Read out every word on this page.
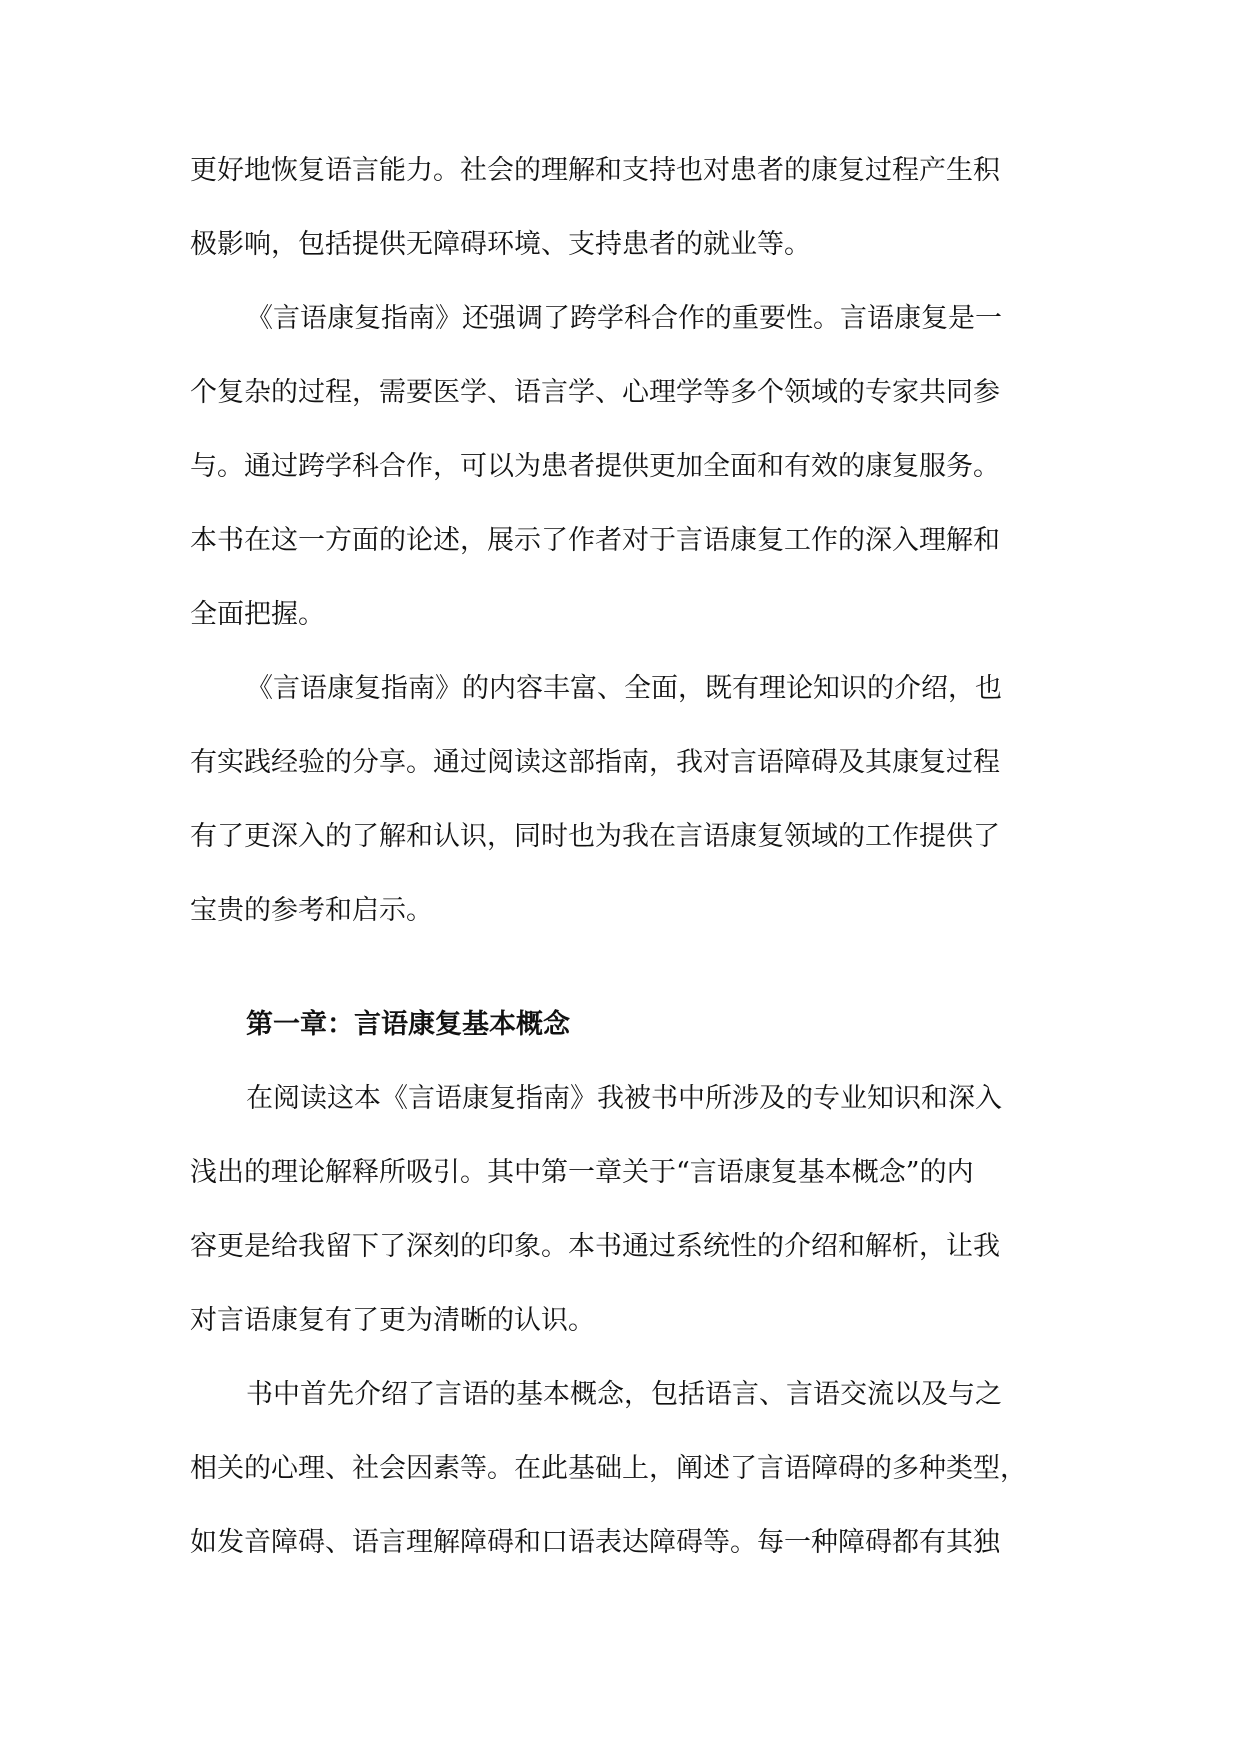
更好地恢复语言能力。社会的理解和支持也对患者的康复过程产生积
极影响，包括提供无障碍环境、支持患者的就业等。
《言语康复指南》还强调了跨学科合作的重要性。言语康复是一
个复杂的过程，需要医学、语言学、心理学等多个领域的专家共同参
与。通过跨学科合作，可以为患者提供更加全面和有效的康复服务。
本书在这一方面的论述，展示了作者对于言语康复工作的深入理解和
全面把握。
《言语康复指南》的内容丰富、全面，既有理论知识的介绍，也
有实践经验的分享。通过阅读这部指南，我对言语障碍及其康复过程
有了更深入的了解和认识，同时也为我在言语康复领域的工作提供了
宝贵的参考和启示。
第一章：言语康复基本概念
在阅读这本《言语康复指南》我被书中所涉及的专业知识和深入
浅出的理论解释所吸引。其中第一章关于“言语康复基本概念”的内
容更是给我留下了深刻的印象。本书通过系统性的介绍和解析，让我
对言语康复有了更为清晰的认识。
书中首先介绍了言语的基本概念，包括语言、言语交流以及与之
相关的心理、社会因素等。在此基础上，阐述了言语障碍的多种类型，
如发音障碍、语言理解障碍和口语表达障碍等。每一种障碍都有其独
